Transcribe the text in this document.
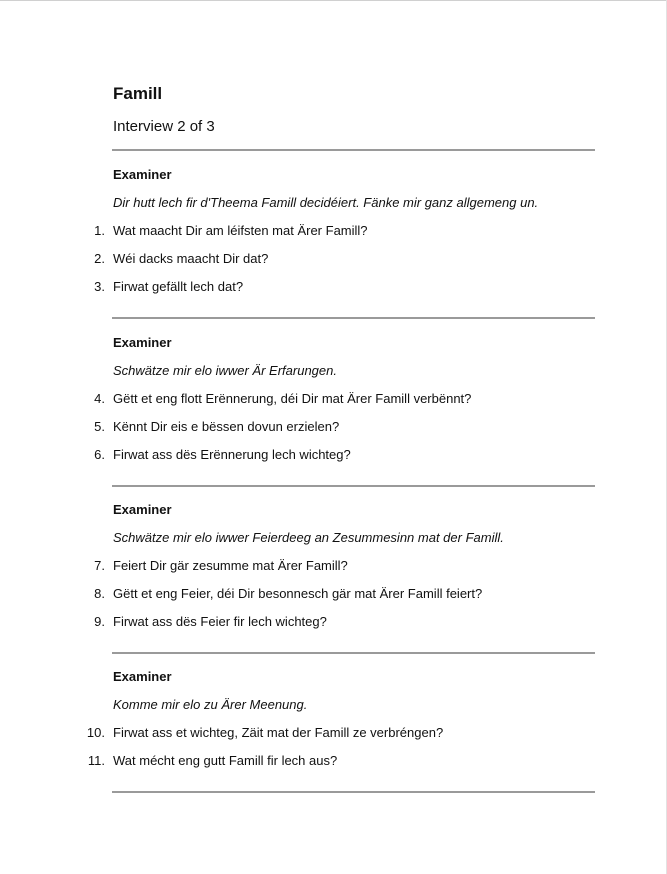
Famill
Interview 2 of 3
Examiner
Dir hutt lech fir d'Theema Famill decidéiert. Fänke mir ganz allgemeng un.
1. Wat maacht Dir am léifsten mat Ärer Famill?
2. Wéi dacks maacht Dir dat?
3. Firwat gefällt lech dat?
Examiner
Schwätze mir elo iwwer Är Erfarungen.
4. Gëtt et eng flott Erënnerung, déi Dir mat Ärer Famill verbënnt?
5. Kënnt Dir eis e bëssen dovun erzielen?
6. Firwat ass dës Erënnerung lech wichteg?
Examiner
Schwätze mir elo iwwer Feierdeeg an Zesummesinn mat der Famill.
7. Feiert Dir gär zesumme mat Ärer Famill?
8. Gëtt et eng Feier, déi Dir besonnesch gär mat Ärer Famill feiert?
9. Firwat ass dës Feier fir lech wichteg?
Examiner
Komme mir elo zu Ärer Meenung.
10. Firwat ass et wichteg, Zäit mat der Famill ze verbréngen?
11. Wat mécht eng gutt Famill fir lech aus?
